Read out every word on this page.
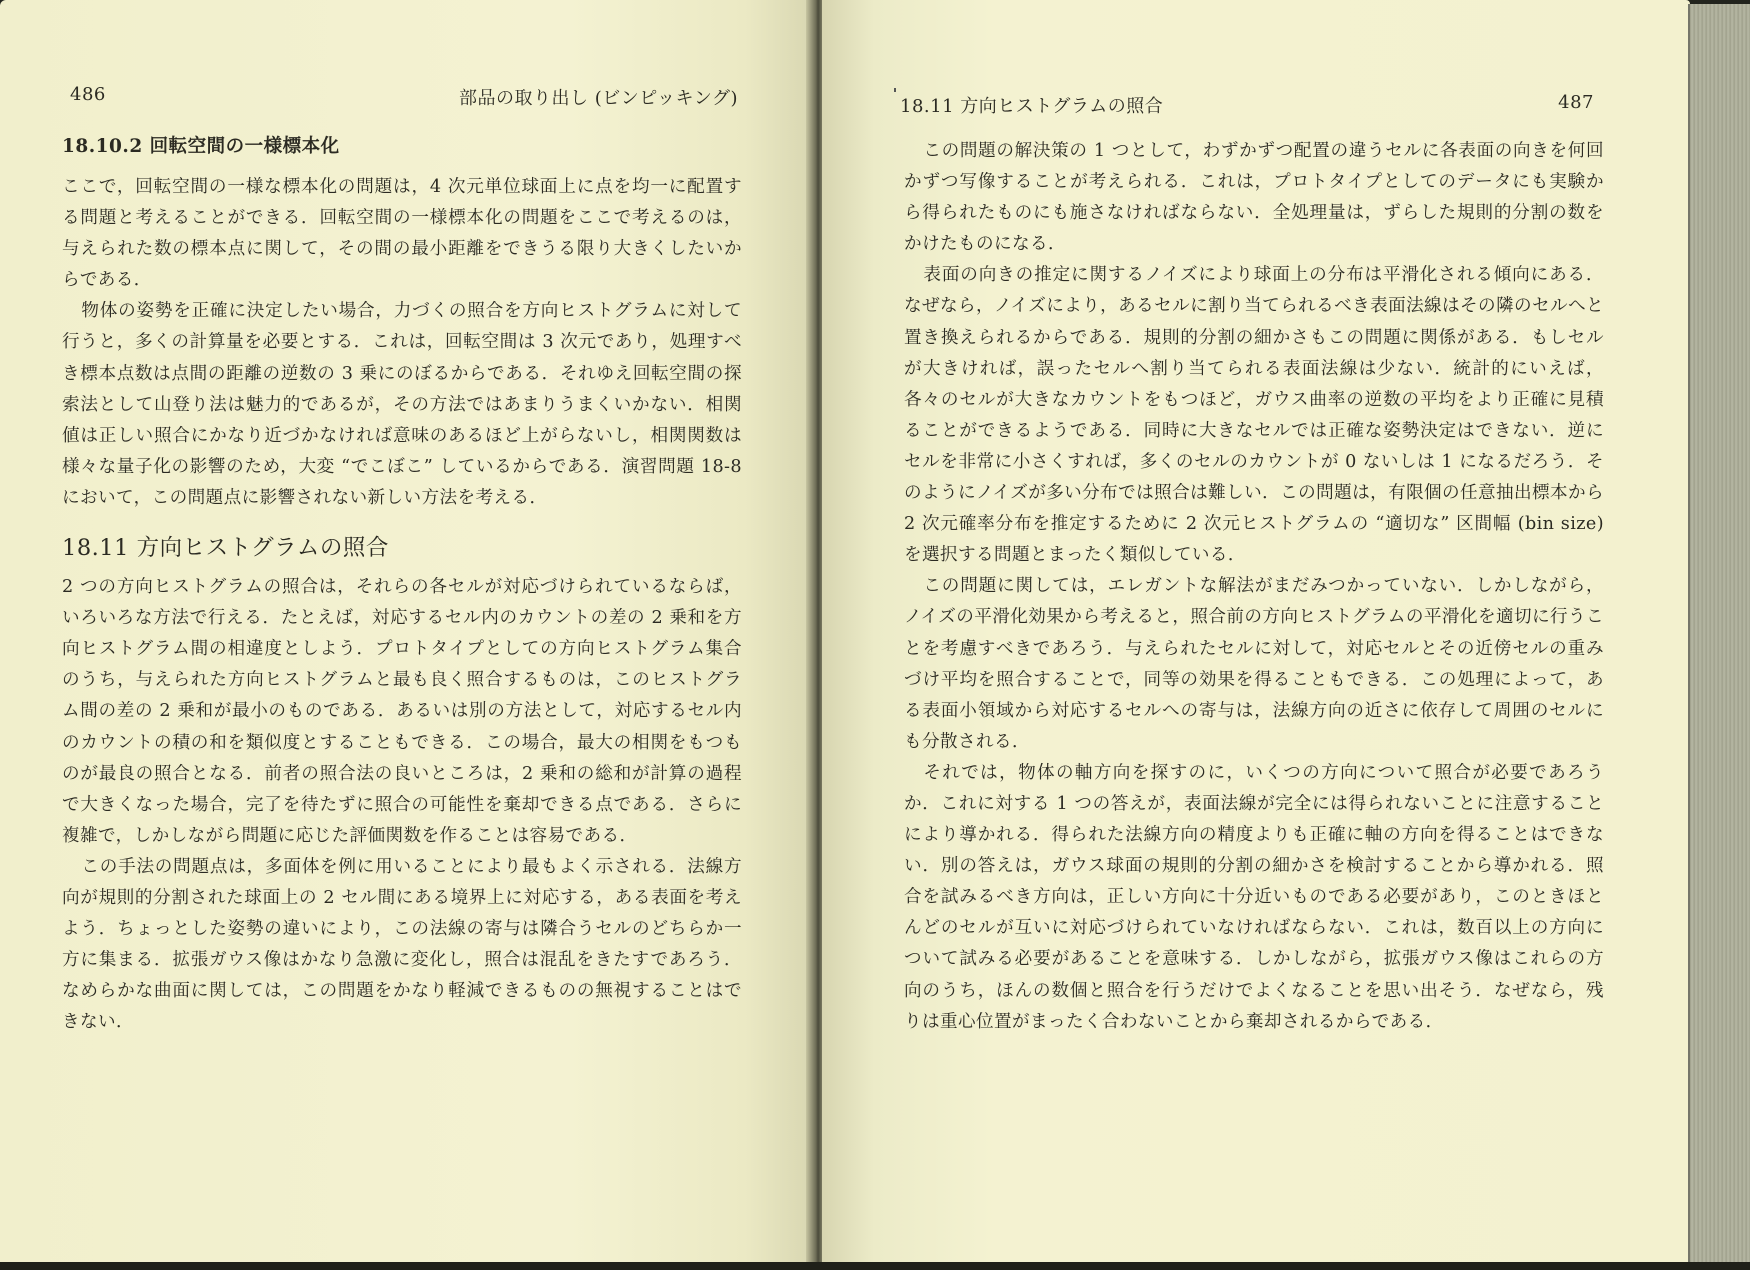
486	部品の取り出し (ビンピッキング)
18.10.2 回転空間の一様標本化

ここで，回転空間の一様な標本化の問題は，4 次元単位球面上に点を均一に配置する問題と考えることができる．回転空間の一様標本化の問題をここで考えるのは，与えられた数の標本点に関して，その間の最小距離をできうる限り大きくしたいからである．

物体の姿勢を正確に決定したい場合，力づくの照合を方向ヒストグラムに対して行うと，多くの計算量を必要とする．これは，回転空間は 3 次元であり，処理すべき標本点数は点間の距離の逆数の 3 乗にのぼるからである．それゆえ回転空間の探索法として山登り法は魅力的であるが，その方法ではあまりうまくいかない．相関値は正しい照合にかなり近づかなければ意味のあるほど上がらないし，相関関数は様々な量子化の影響のため，大変 “でこぼこ” しているからである．演習問題 18-8 において，この問題点に影響されない新しい方法を考える．

18.11 方向ヒストグラムの照合

2 つの方向ヒストグラムの照合は，それらの各セルが対応づけられているならば，いろいろな方法で行える．たとえば，対応するセル内のカウントの差の 2 乗和を方向ヒストグラム間の相違度としよう．プロトタイプとしての方向ヒストグラム集合のうち，与えられた方向ヒストグラムと最も良く照合するものは，このヒストグラム間の差の 2 乗和が最小のものである．あるいは別の方法として，対応するセル内のカウントの積の和を類似度とすることもできる．この場合，最大の相関をもつものが最良の照合となる．前者の照合法の良いところは，2 乗和の総和が計算の過程で大きくなった場合，完了を待たずに照合の可能性を棄却できる点である．さらに複雑で，しかしながら問題に応じた評価関数を作ることは容易である．

この手法の問題点は，多面体を例に用いることにより最もよく示される．法線方向が規則的分割された球面上の 2 セル間にある境界上に対応する，ある表面を考えよう．ちょっとした姿勢の違いにより，この法線の寄与は隣合うセルのどちらか一方に集まる．拡張ガウス像はかなり急激に変化し，照合は混乱をきたすであろう．なめらかな曲面に関しては，この問題をかなり軽減できるものの無視することはできない．

18.11 方向ヒストグラムの照合	487

この問題の解決策の 1 つとして，わずかずつ配置の違うセルに各表面の向きを何回かずつ写像することが考えられる．これは，プロトタイプとしてのデータにも実験から得られたものにも施さなければならない．全処理量は，ずらした規則的分割の数をかけたものになる．

表面の向きの推定に関するノイズにより球面上の分布は平滑化される傾向にある．なぜなら，ノイズにより，あるセルに割り当てられるべき表面法線はその隣のセルへと置き換えられるからである．規則的分割の細かさもこの問題に関係がある．もしセルが大きければ，誤ったセルへ割り当てられる表面法線は少ない．統計的にいえば，各々のセルが大きなカウントをもつほど，ガウス曲率の逆数の平均をより正確に見積ることができるようである．同時に大きなセルでは正確な姿勢決定はできない．逆にセルを非常に小さくすれば，多くのセルのカウントが 0 ないしは 1 になるだろう．そのようにノイズが多い分布では照合は難しい．この問題は，有限個の任意抽出標本から 2 次元確率分布を推定するために 2 次元ヒストグラムの “適切な” 区間幅 (bin size) を選択する問題とまったく類似している．

この問題に関しては，エレガントな解法がまだみつかっていない．しかしながら，ノイズの平滑化効果から考えると，照合前の方向ヒストグラムの平滑化を適切に行うことを考慮すべきであろう．与えられたセルに対して，対応セルとその近傍セルの重みづけ平均を照合することで，同等の効果を得ることもできる．この処理によって，ある表面小領域から対応するセルへの寄与は，法線方向の近さに依存して周囲のセルにも分散される．

それでは，物体の軸方向を探すのに，いくつの方向について照合が必要であろうか．これに対する 1 つの答えが，表面法線が完全には得られないことに注意することにより導かれる．得られた法線方向の精度よりも正確に軸の方向を得ることはできない．別の答えは，ガウス球面の規則的分割の細かさを検討することから導かれる．照合を試みるべき方向は，正しい方向に十分近いものである必要があり，このときほとんどのセルが互いに対応づけられていなければならない．これは，数百以上の方向について試みる必要があることを意味する．しかしながら，拡張ガウス像はこれらの方向のうち，ほんの数個と照合を行うだけでよくなることを思い出そう．なぜなら，残りは重心位置がまったく合わないことから棄却されるからである．
